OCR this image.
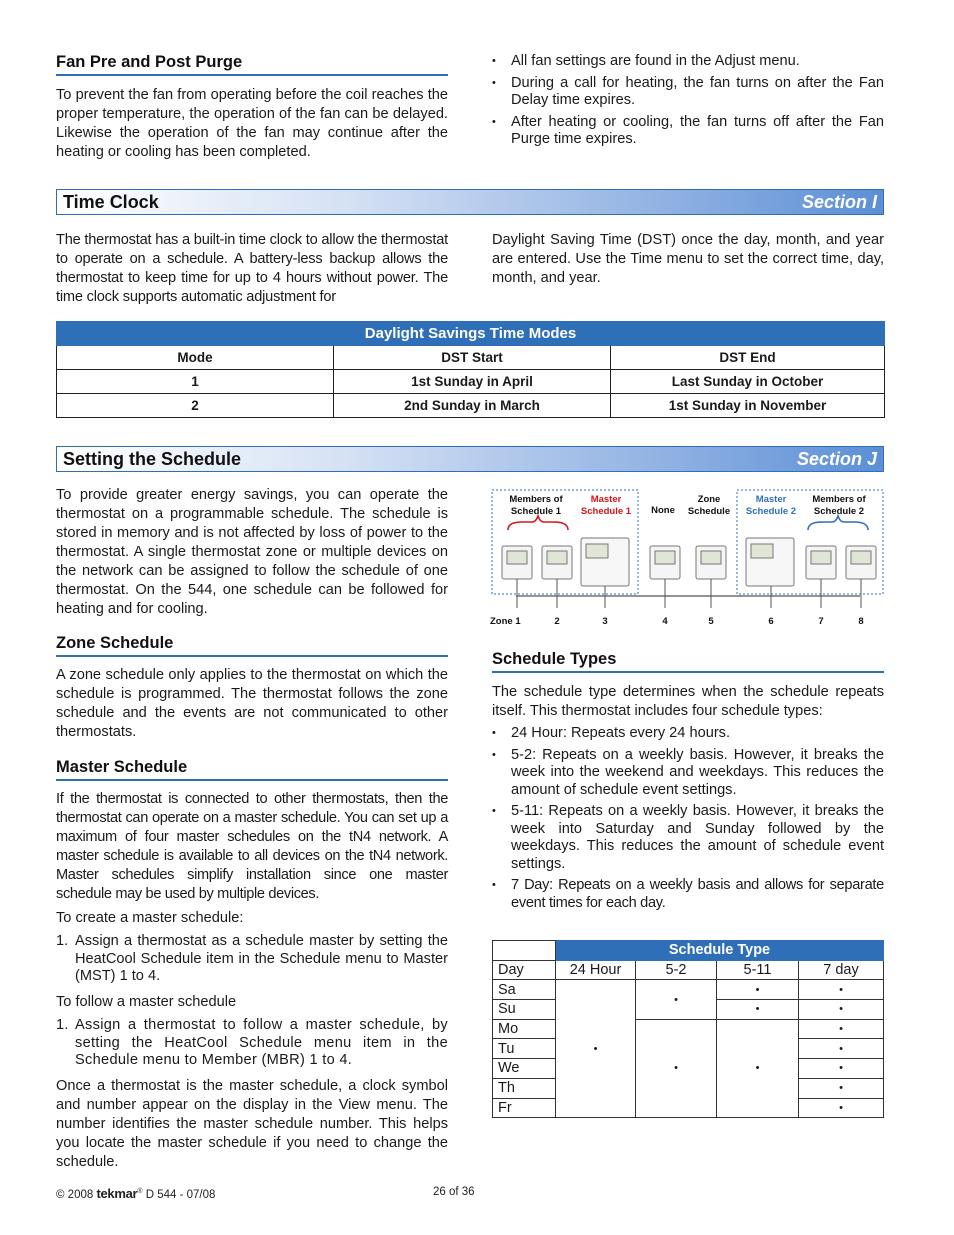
Fan Pre and Post Purge

To prevent the fan from operating before the coil reaches the proper temperature, the operation of the fan can be delayed. Likewise the operation of the fan may continue after the heating or cooling has been completed.

• All fan settings are found in the Adjust menu.
• During a call for heating, the fan turns on after the Fan Delay time expires.
• After heating or cooling, the fan turns off after the Fan Purge time expires.
Time Clock	Section I

The thermostat has a built-in time clock to allow the thermostat to operate on a schedule. A battery-less backup allows the thermostat to keep time for up to 4 hours without power. The time clock supports automatic adjustment for

Daylight Saving Time (DST) once the day, month, and year are entered. Use the Time menu to set the correct time, day, month, and year.

Daylight Savings Time Modes		
Mode	DST Start	DST End
1	1st Sunday in April	Last Sunday in October
2	2nd Sunday in March	1st Sunday in November
Setting the Schedule	Section J

To provide greater energy savings, you can operate the thermostat on a programmable schedule. The schedule is stored in memory and is not affected by loss of power to the thermostat. A single thermostat zone or multiple devices on the network can be assigned to follow the schedule of one thermostat. On the 544, one schedule can be followed for heating and for cooling.

Zone Schedule

A zone schedule only applies to the thermostat on which the schedule is programmed. The thermostat follows the zone schedule and the events are not communicated to other thermostats.

Master Schedule

If the thermostat is connected to other thermostats, then the thermostat can operate on a master schedule. You can set up a maximum of four master schedules on the tN4 network. A master schedule is available to all devices on the tN4 network. Master schedules simplify installation since one master schedule may be used by multiple devices.

To create a master schedule:

1. Assign a thermostat as a schedule master by setting the HeatCool Schedule item in the Schedule menu to Master (MST) 1 to 4.

To follow a master schedule

1. Assign a thermostat to follow a master schedule, by setting the HeatCool Schedule menu item in the Schedule menu to Member (MBR) 1 to 4.

Once a thermostat is the master schedule, a clock symbol and number appear on the display in the View menu. The number identifies the master schedule number. This helps you locate the master schedule if you need to change the schedule.

Members of
Schedule 1
Master
Schedule 1 None
Zone
Schedule
Master
Schedule 2
Members of
Schedule 2
Zone 1	2	3	4	5	6	7	8
Schedule Types

The schedule type determines when the schedule repeats itself. This thermostat includes four schedule types:

• 24 Hour: Repeats every 24 hours.
• 5-2: Repeats on a weekly basis. However, it breaks the week into the weekend and weekdays. This reduces the amount of schedule event settings.
• 5-11: Repeats on a weekly basis. However, it breaks the week into Saturday and Sunday followed by the weekdays. This reduces the amount of schedule event settings.
• 7 Day: Repeats on a weekly basis and allows for separate event times for each day.
	Schedule Type			
Day	24 Hour	5-2	5-11	7 day
Sa	•	•	•	•
Su			•	•
Mo		•	•	•
Tu				•
We				•
Th				•
Fr				•
© 2008 tekmar® D 544 - 07/08	26 of 36
